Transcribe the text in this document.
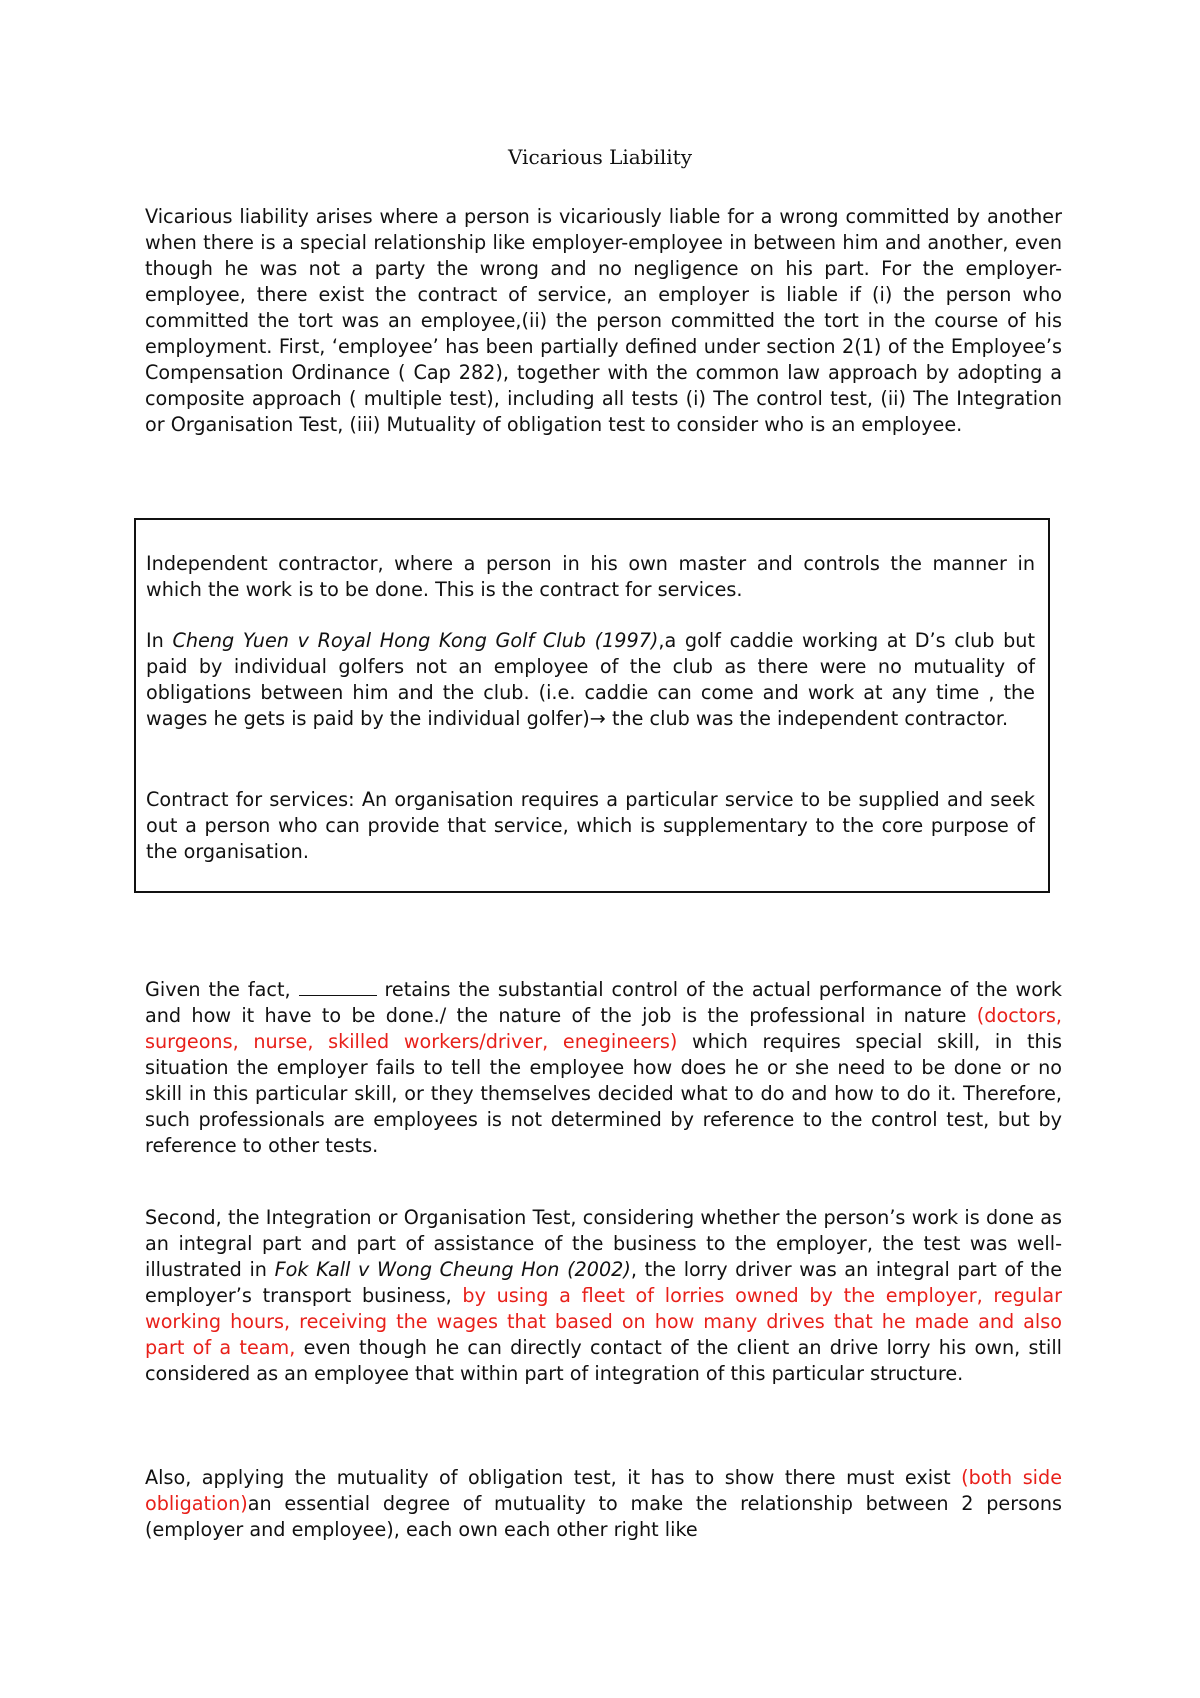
Vicarious Liability

Vicarious liability arises where a person is vicariously liable for a wrong committed by another when there is a special relationship like employer-employee in between him and another, even though he was not a party the wrong and no negligence on his part. For the employer-employee, there exist the contract of service, an employer is liable if (i) the person who committed the tort was an employee,(ii) the person committed the tort in the course of his employment. First, ‘employee’ has been partially defined under section 2(1) of the Employee’s Compensation Ordinance ( Cap 282), together with the common law approach by adopting a composite approach ( multiple test), including all tests (i) The control test, (ii) The Integration or Organisation Test, (iii) Mutuality of obligation test to consider who is an employee.

Independent contractor, where a person in his own master and controls the manner in which the work is to be done. This is the contract for services.

In Cheng Yuen v Royal Hong Kong Golf Club (1997),a golf caddie working at D’s club but paid by individual golfers not an employee of the club as there were no mutuality of obligations between him and the club. (i.e. caddie can come and work at any time , the wages he gets is paid by the individual golfer)→ the club was the independent contractor.

Contract for services: An organisation requires a particular service to be supplied and seek out a person who can provide that service, which is supplementary to the core purpose of the organisation.

Given the fact,	retains the substantial control of the actual performance of the work and how it have to be done./ the nature of the job is the professional in nature (doctors, surgeons, nurse, skilled workers/driver, enegineers) which requires special skill, in this situation the employer fails to tell the employee how does he or she need to be done or no skill in this particular skill, or they themselves decided what to do and how to do it. Therefore, such professionals are employees is not determined by reference to the control test, but by reference to other tests.

Second, the Integration or Organisation Test, considering whether the person’s work is done as an integral part and part of assistance of the business to the employer, the test was well-illustrated in Fok Kall v Wong Cheung Hon (2002), the lorry driver was an integral part of the employer’s transport business, by using a fleet of lorries owned by the employer, regular working hours, receiving the wages that based on how many drives that he made and also part of a team, even though he can directly contact of the client an drive lorry his own, still considered as an employee that within part of integration of this particular structure.

Also, applying the mutuality of obligation test, it has to show there must exist (both side obligation)an essential degree of mutuality to make the relationship between 2 persons (employer and employee), each own each other right like
